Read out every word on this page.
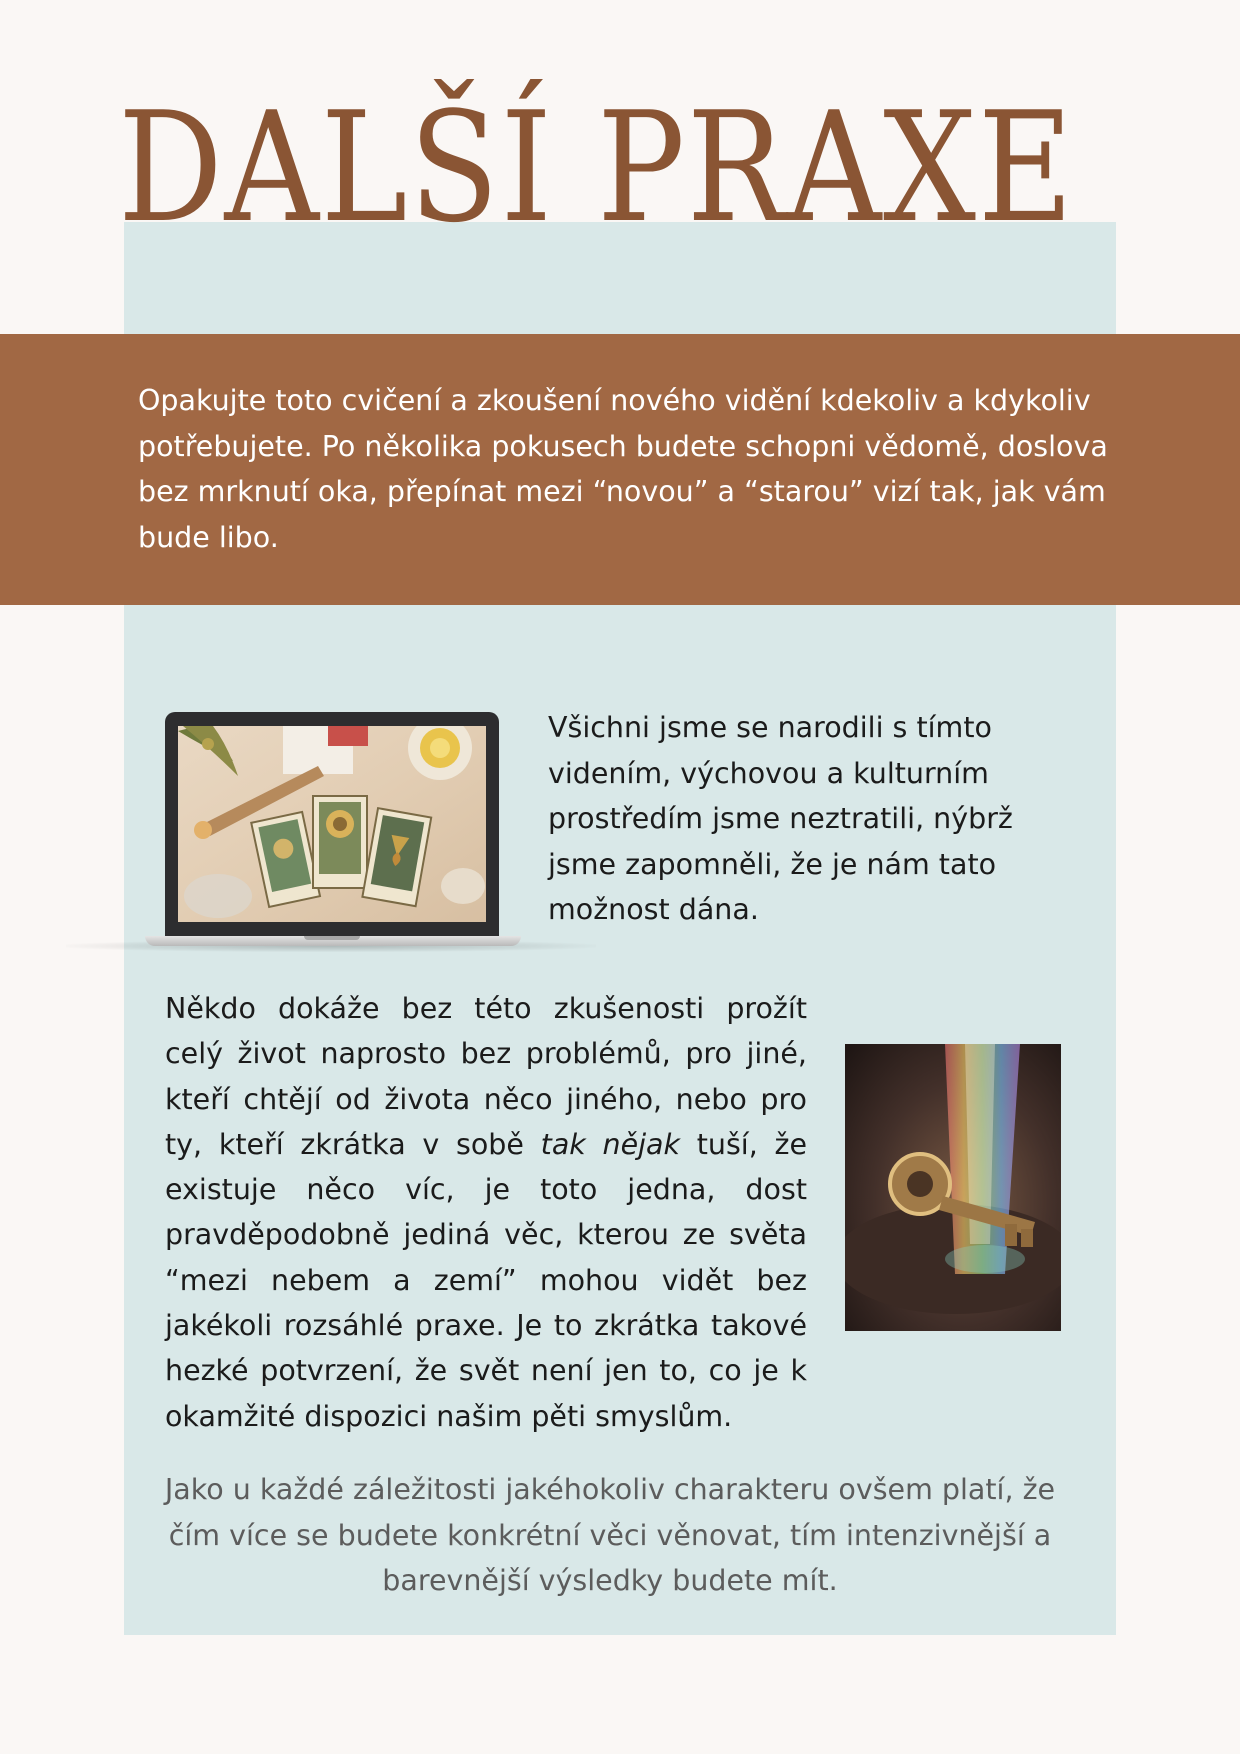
DALŠÍ PRAXE

Opakujte toto cvičení a zkoušení nového vidění kdekoliv a kdykoliv potřebujete. Po několika pokusech budete schopni vědomě, doslova bez mrknutí oka, přepínat mezi “novou” a “starou” vizí tak, jak vám bude libo.

Všichni jsme se narodili s tímto videním, výchovou a kulturním prostředím jsme neztratili, nýbrž jsme zapomněli, že je nám tato možnost dána.

Někdo dokáže bez této zkušenosti prožít celý život naprosto bez problémů, pro jiné, kteří chtějí od života něco jiného, nebo pro ty, kteří zkrátka v sobě tak nějak tuší, že existuje něco víc, je toto jedna, dost pravděpodobně jediná věc, kterou ze světa “mezi nebem a zemí” mohou vidět bez jakékoli rozsáhlé praxe. Je to zkrátka takové hezké potvrzení, že svět není jen to, co je k okamžité dispozici našim pěti smyslům.

Jako u každé záležitosti jakéhokoliv charakteru ovšem platí, že čím více se budete konkrétní věci věnovat, tím intenzivnější a barevnější výsledky budete mít.
